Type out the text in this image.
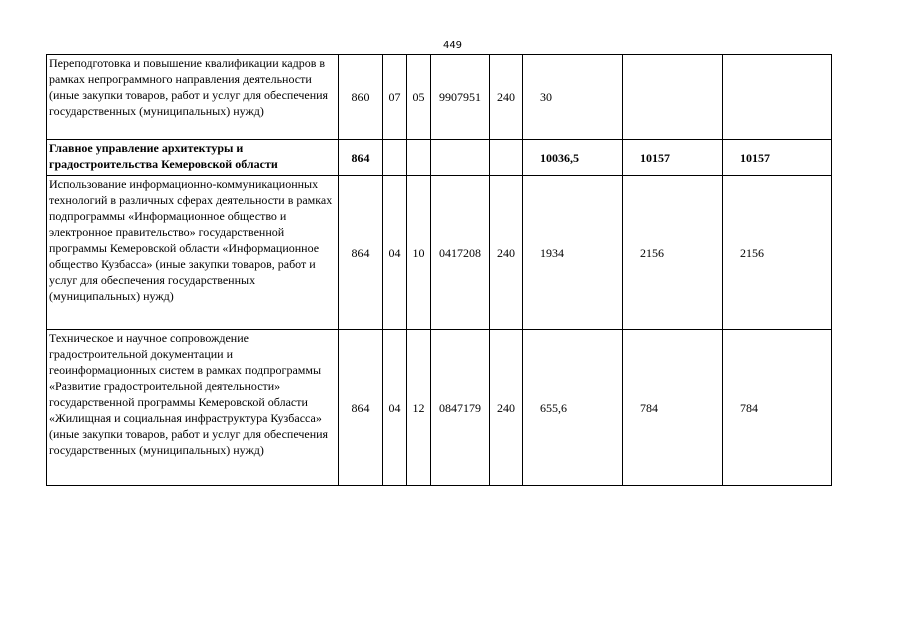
449
Переподготовка и повышение квалификации кадров в рамках непрограммного направления деятельности (иные закупки товаров, работ и услуг для обеспечения государственных (муниципальных) нужд)	860	07	05	9907951	240	30		
Главное управление архитектуры и градостроительства Кемеровской области	864					10036,5	10157	10157
Использование информационно-коммуникационных технологий в различных сферах деятельности в рамках подпрограммы «Информационное общество и электронное правительство» государственной программы Кемеровской области «Информационное общество Кузбасса» (иные закупки товаров, работ и услуг для обеспечения государственных (муниципальных) нужд)	864	04	10	0417208	240	1934	2156	2156
Техническое и научное сопровождение градостроительной документации и геоинформационных систем в рамках подпрограммы «Развитие градостроительной деятельности» государственной программы Кемеровской области «Жилищная и социальная инфраструктура Кузбасса» (иные закупки товаров, работ и услуг для обеспечения государственных (муниципальных) нужд)	864	04	12	0847179	240	655,6	784	784
